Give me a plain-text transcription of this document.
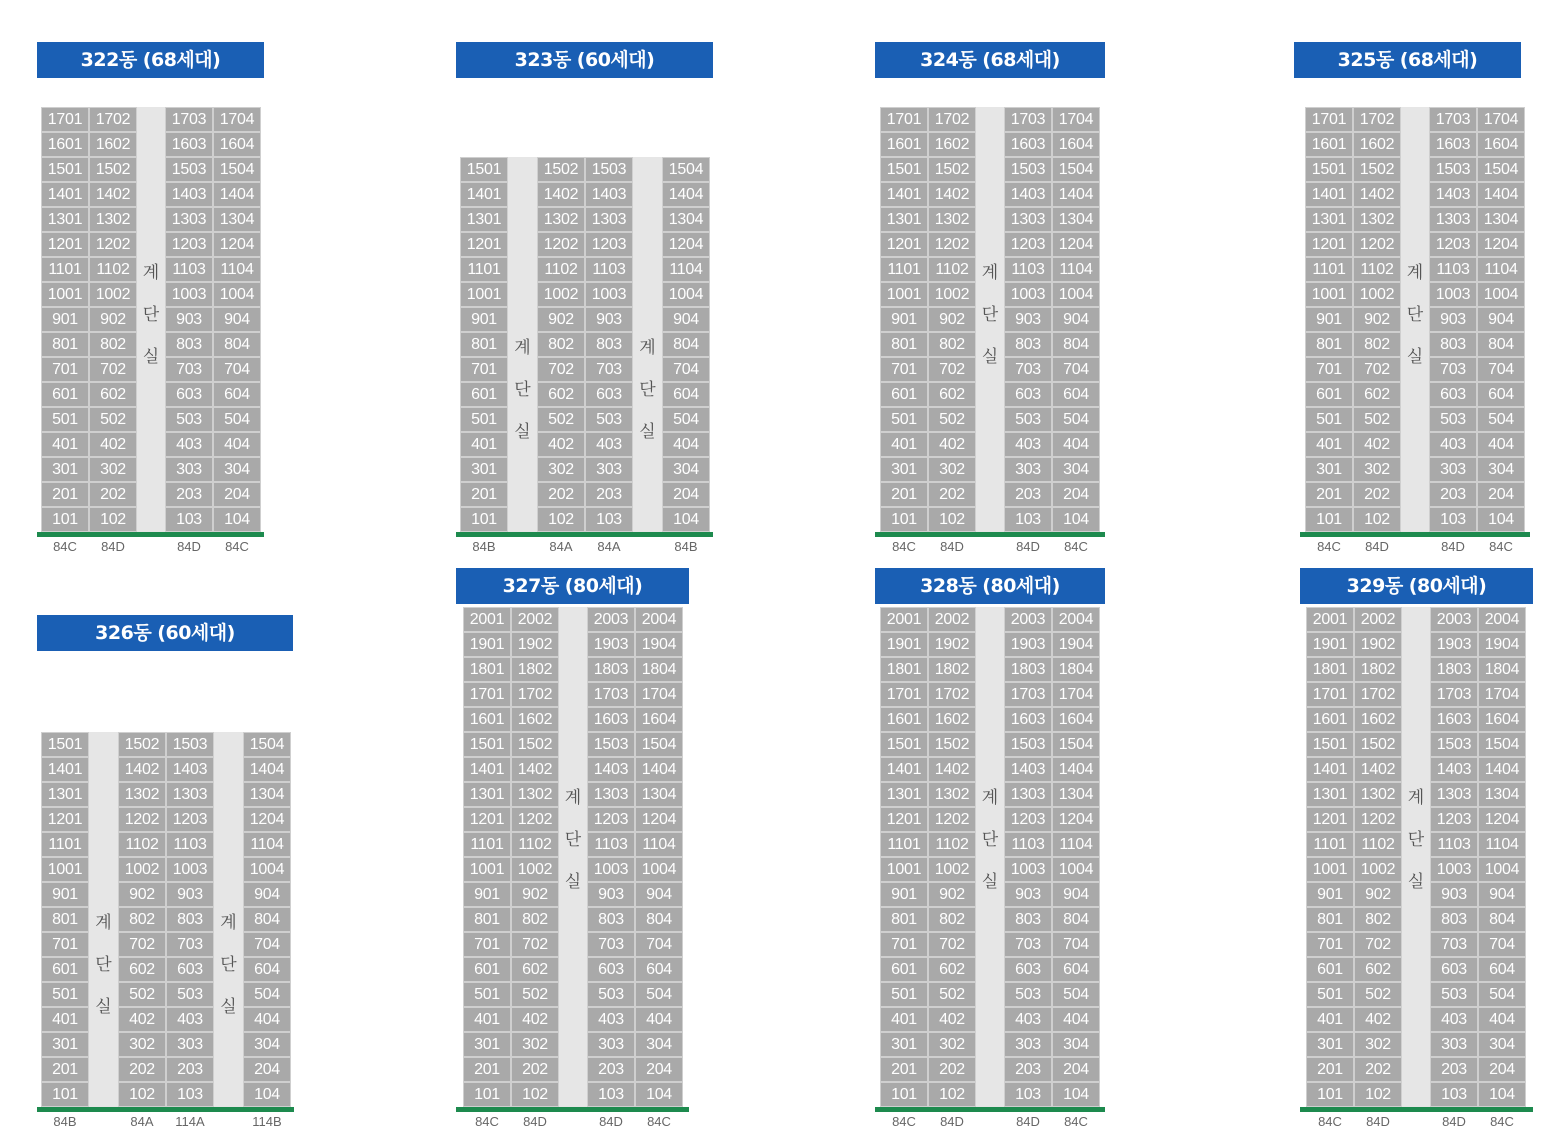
322동 (68세대)
1701
1601
1501
1401
1301
1201
1101
1001
901
801
701
601
501
401
301
201
101
84C
1702
1602
1502
1402
1302
1202
1102
1002
902
802
702
602
502
402
302
202
102
84D
계
단
실
1703
1603
1503
1403
1303
1203
1103
1003
903
803
703
603
503
403
303
203
103
84D
1704
1604
1504
1404
1304
1204
1104
1004
904
804
704
604
504
404
304
204
104
84C
323동 (60세대)
1501
1401
1301
1201
1101
1001
901
801
701
601
501
401
301
201
101
84B
계
단
실
1502
1402
1302
1202
1102
1002
902
802
702
602
502
402
302
202
102
84A
1503
1403
1303
1203
1103
1003
903
803
703
603
503
403
303
203
103
84A
계
단
실
1504
1404
1304
1204
1104
1004
904
804
704
604
504
404
304
204
104
84B
324동 (68세대)
1701
1601
1501
1401
1301
1201
1101
1001
901
801
701
601
501
401
301
201
101
84C
1702
1602
1502
1402
1302
1202
1102
1002
902
802
702
602
502
402
302
202
102
84D
계
단
실
1703
1603
1503
1403
1303
1203
1103
1003
903
803
703
603
503
403
303
203
103
84D
1704
1604
1504
1404
1304
1204
1104
1004
904
804
704
604
504
404
304
204
104
84C
325동 (68세대)
1701
1601
1501
1401
1301
1201
1101
1001
901
801
701
601
501
401
301
201
101
84C
1702
1602
1502
1402
1302
1202
1102
1002
902
802
702
602
502
402
302
202
102
84D
계
단
실
1703
1603
1503
1403
1303
1203
1103
1003
903
803
703
603
503
403
303
203
103
84D
1704
1604
1504
1404
1304
1204
1104
1004
904
804
704
604
504
404
304
204
104
84C
326동 (60세대)
1501
1401
1301
1201
1101
1001
901
801
701
601
501
401
301
201
101
84B
계
단
실
1502
1402
1302
1202
1102
1002
902
802
702
602
502
402
302
202
102
84A
1503
1403
1303
1203
1103
1003
903
803
703
603
503
403
303
203
103
114A
계
단
실
1504
1404
1304
1204
1104
1004
904
804
704
604
504
404
304
204
104
114B
327동 (80세대)
2001
1901
1801
1701
1601
1501
1401
1301
1201
1101
1001
901
801
701
601
501
401
301
201
101
84C
2002
1902
1802
1702
1602
1502
1402
1302
1202
1102
1002
902
802
702
602
502
402
302
202
102
84D
계
단
실
2003
1903
1803
1703
1603
1503
1403
1303
1203
1103
1003
903
803
703
603
503
403
303
203
103
84D
2004
1904
1804
1704
1604
1504
1404
1304
1204
1104
1004
904
804
704
604
504
404
304
204
104
84C
328동 (80세대)
2001
1901
1801
1701
1601
1501
1401
1301
1201
1101
1001
901
801
701
601
501
401
301
201
101
84C
2002
1902
1802
1702
1602
1502
1402
1302
1202
1102
1002
902
802
702
602
502
402
302
202
102
84D
계
단
실
2003
1903
1803
1703
1603
1503
1403
1303
1203
1103
1003
903
803
703
603
503
403
303
203
103
84D
2004
1904
1804
1704
1604
1504
1404
1304
1204
1104
1004
904
804
704
604
504
404
304
204
104
84C
329동 (80세대)
2001
1901
1801
1701
1601
1501
1401
1301
1201
1101
1001
901
801
701
601
501
401
301
201
101
84C
2002
1902
1802
1702
1602
1502
1402
1302
1202
1102
1002
902
802
702
602
502
402
302
202
102
84D
계
단
실
2003
1903
1803
1703
1603
1503
1403
1303
1203
1103
1003
903
803
703
603
503
403
303
203
103
84D
2004
1904
1804
1704
1604
1504
1404
1304
1204
1104
1004
904
804
704
604
504
404
304
204
104
84C
